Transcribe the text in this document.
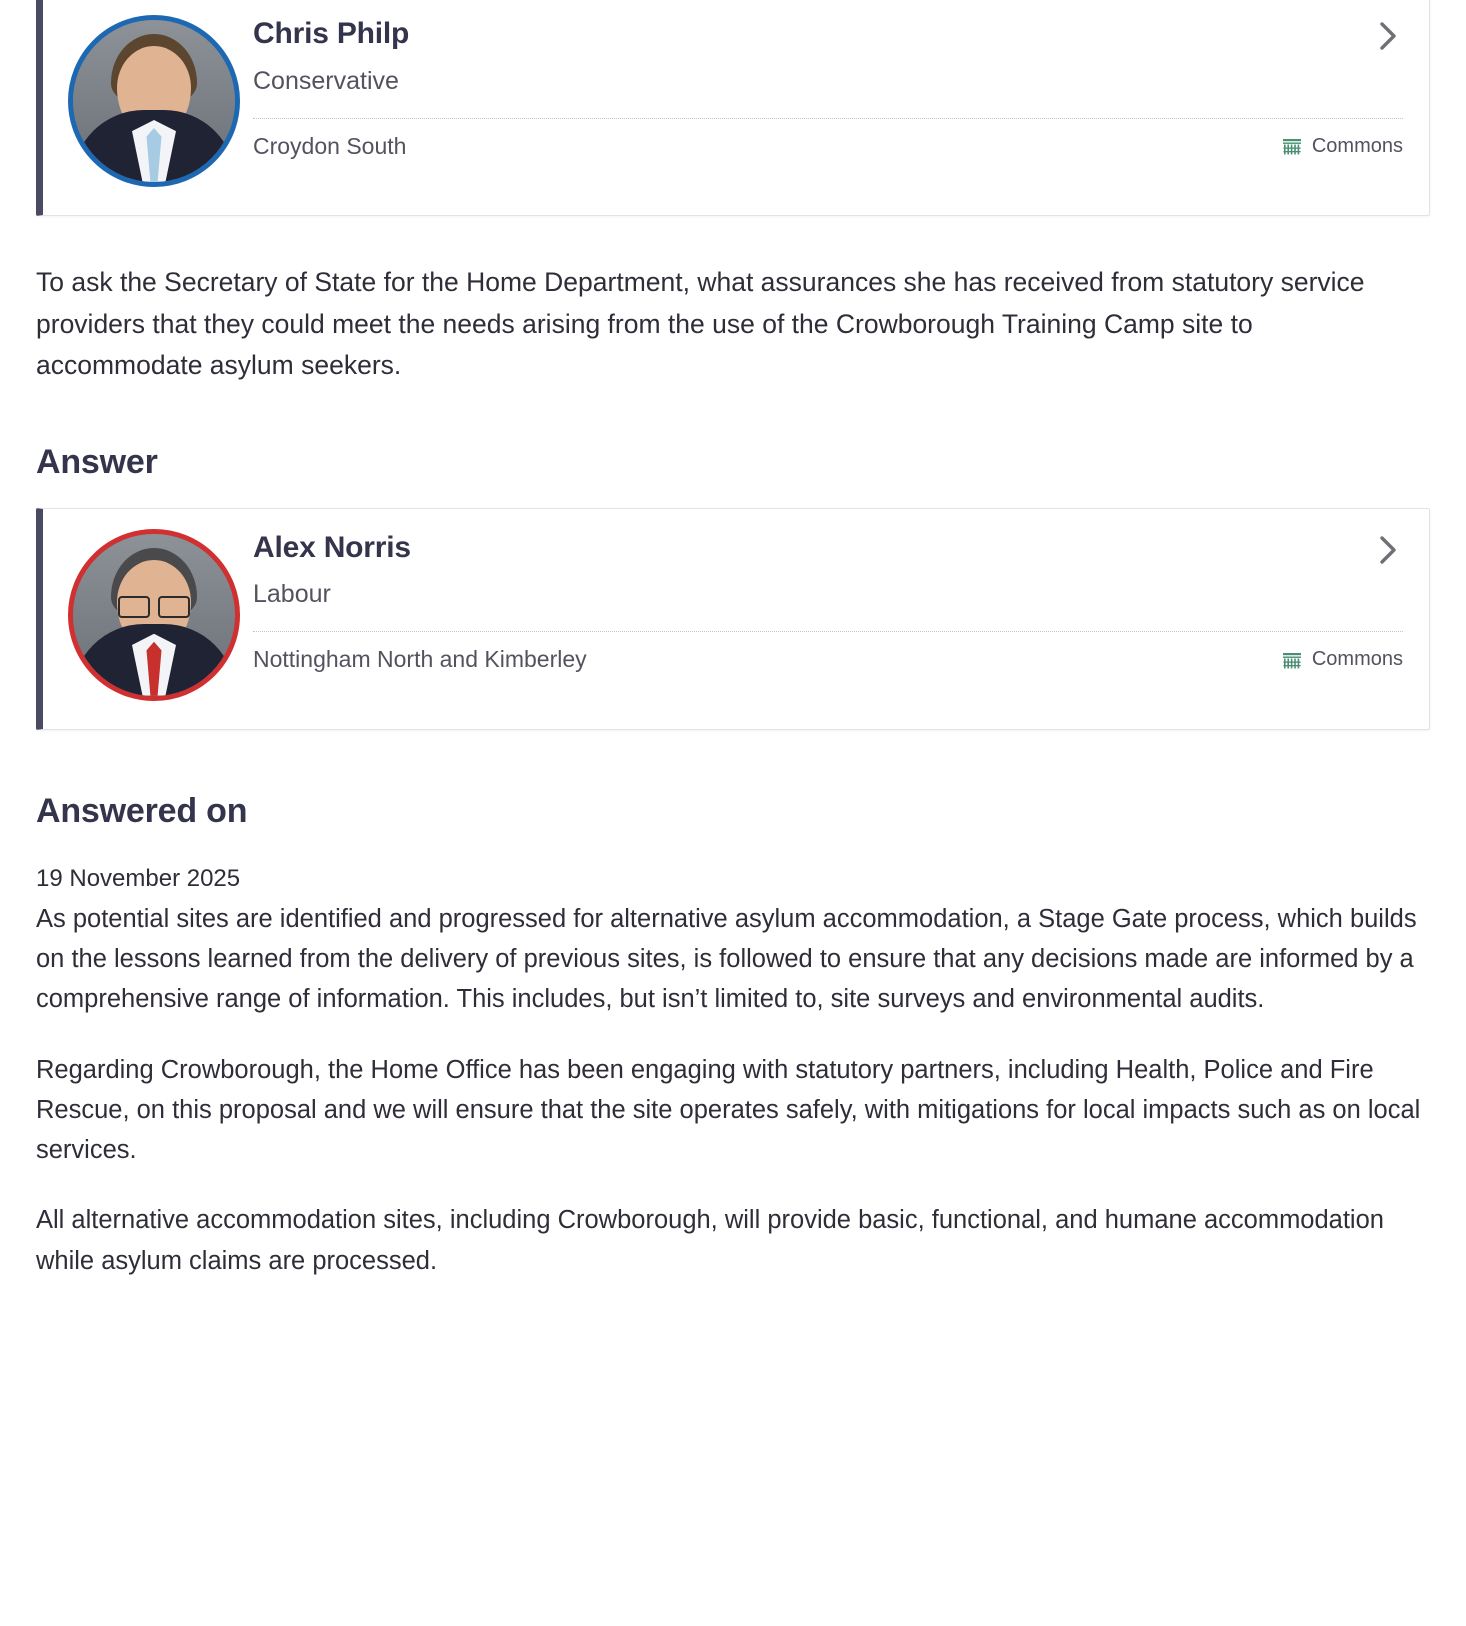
Chris Philp
Conservative
Croydon South	Commons

To ask the Secretary of State for the Home Department, what assurances she has received from statutory service providers that they could meet the needs arising from the use of the Crowborough Training Camp site to accommodate asylum seekers.

Answer
Alex Norris
Labour
Nottingham North and Kimberley	Commons
Answered on
19 November 2025

As potential sites are identified and progressed for alternative asylum accommodation, a Stage Gate process, which builds on the lessons learned from the delivery of previous sites, is followed to ensure that any decisions made are informed by a comprehensive range of information. This includes, but isn’t limited to, site surveys and environmental audits.

Regarding Crowborough, the Home Office has been engaging with statutory partners, including Health, Police and Fire Rescue, on this proposal and we will ensure that the site operates safely, with mitigations for local impacts such as on local services.

All alternative accommodation sites, including Crowborough, will provide basic, functional, and humane accommodation while asylum claims are processed.
